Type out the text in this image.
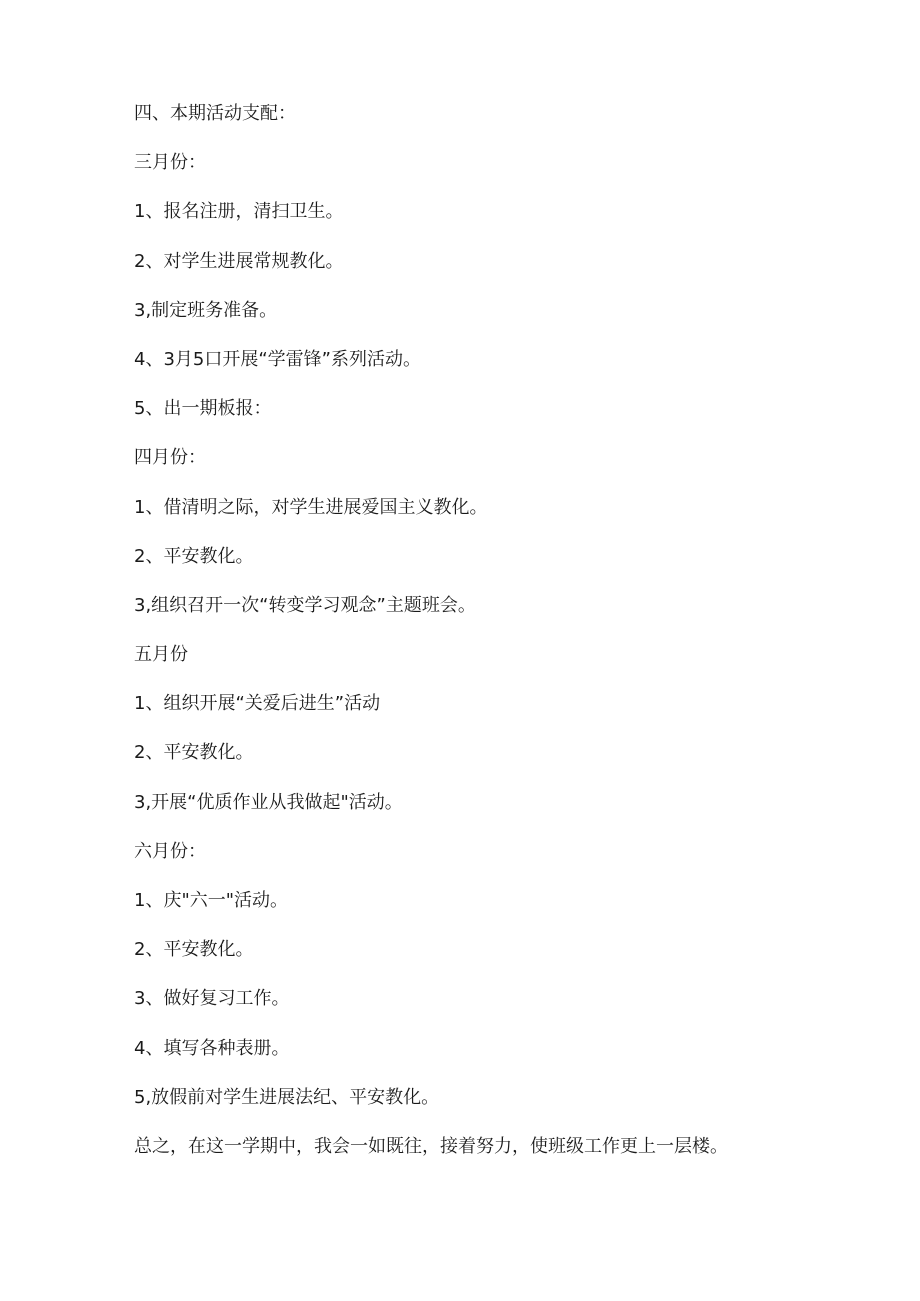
四、本期活动支配：
三月份：
1、报名注册，清扫卫生。
2、对学生进展常规教化。
3,制定班务准备。
4、3月5口开展“学雷锋”系列活动。
5、出一期板报：
四月份：
1、借清明之际，对学生进展爱国主义教化。
2、平安教化。
3,组织召开一次“转变学习观念”主题班会。
五月份
1、组织开展“关爱后进生”活动
2、平安教化。
3,开展“优质作业从我做起"活动。
六月份：
1、庆"六一"活动。
2、平安教化。
3、做好复习工作。
4、填写各种表册。
5,放假前对学生进展法纪、平安教化。
总之，在这一学期中，我会一如既往，接着努力，使班级工作更上一层楼。
